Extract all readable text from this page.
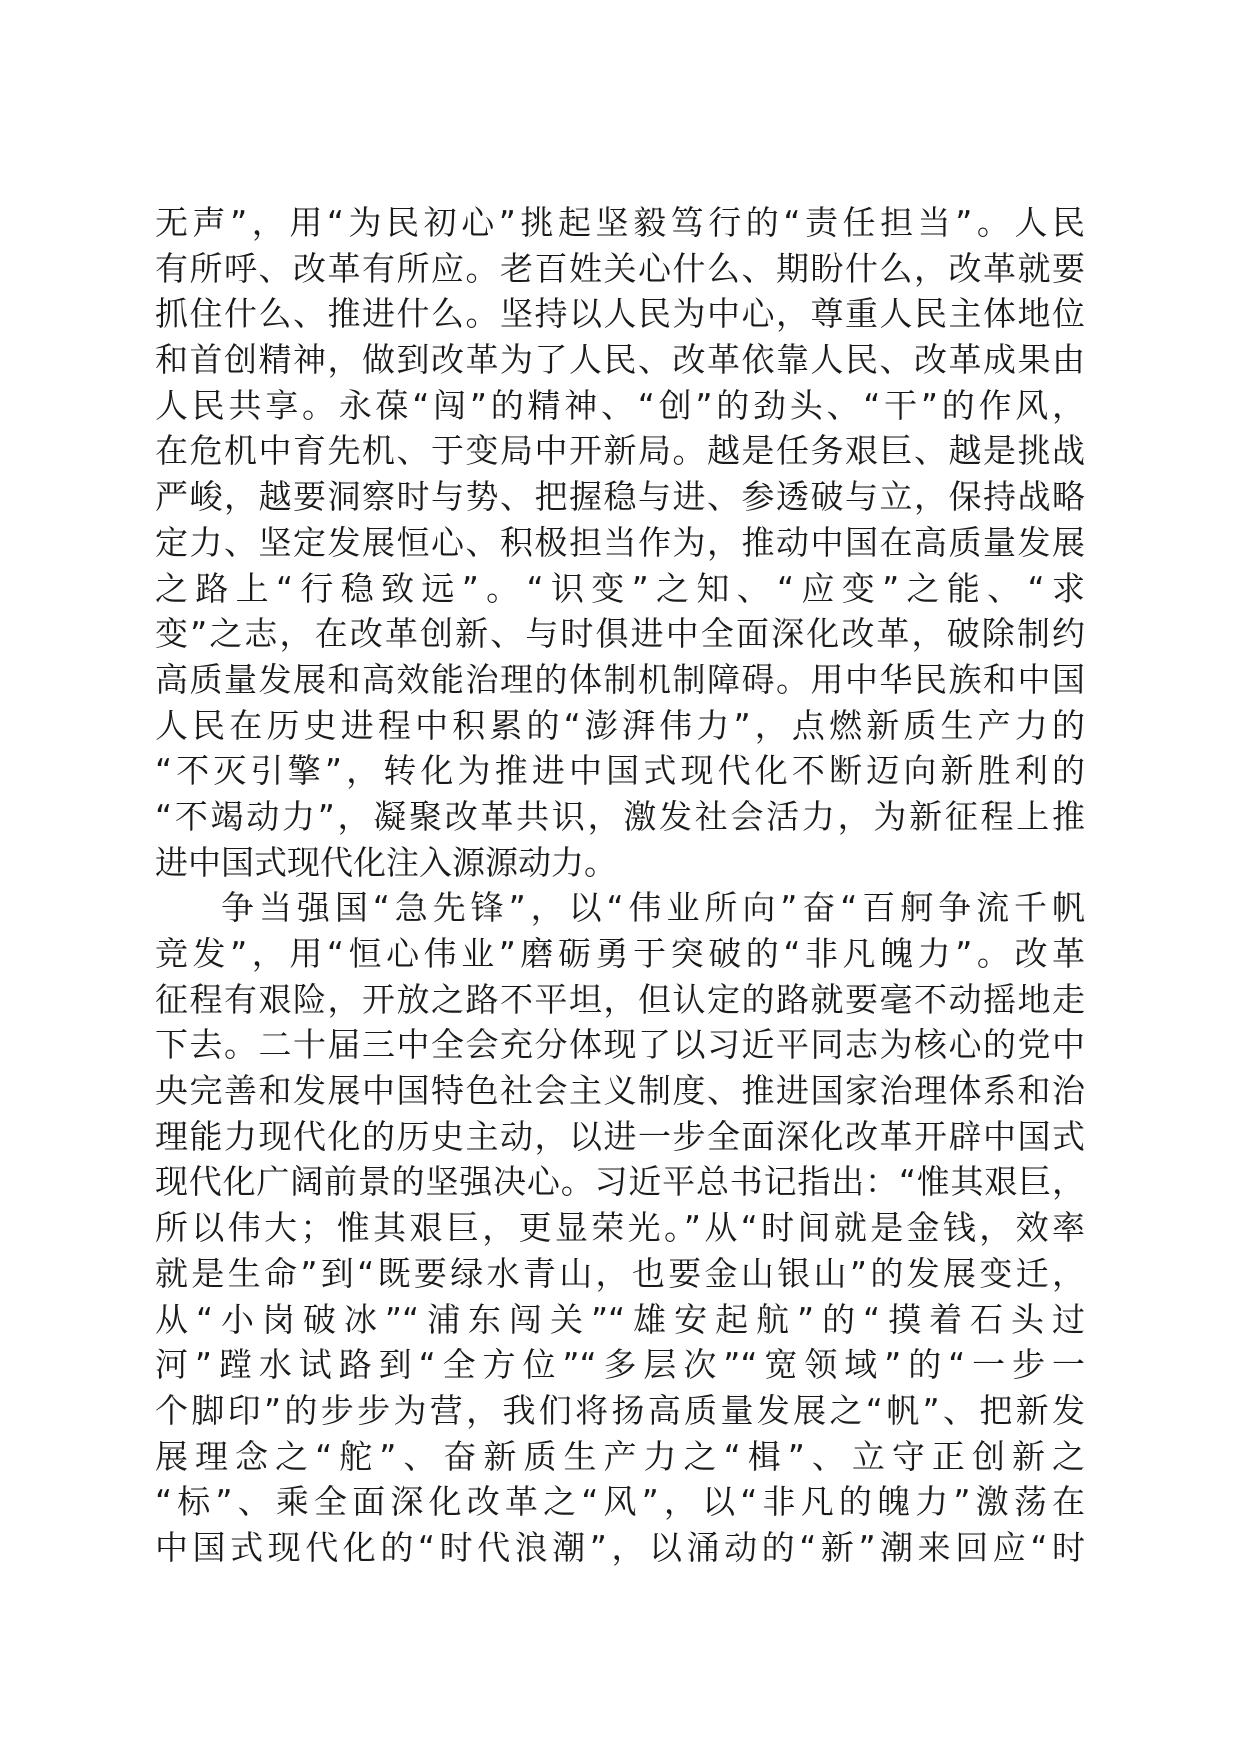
无声”，用“为民初心”挑起坚毅笃行的“责任担当”。人民
有所呼、改革有所应。老百姓关心什么、期盼什么，改革就要
抓住什么、推进什么。坚持以人民为中心，尊重人民主体地位
和首创精神，做到改革为了人民、改革依靠人民、改革成果由
人民共享。永葆“闯”的精神、“创”的劲头、“干”的作风，
在危机中育先机、于变局中开新局。越是任务艰巨、越是挑战
严峻，越要洞察时与势、把握稳与进、参透破与立，保持战略
定力、坚定发展恒心、积极担当作为，推动中国在高质量发展
之路上“行稳致远”。“识变”之知、“应变”之能、“求
变”之志，在改革创新、与时俱进中全面深化改革，破除制约
高质量发展和高效能治理的体制机制障碍。用中华民族和中国
人民在历史进程中积累的“澎湃伟力”，点燃新质生产力的
“不灭引擎”，转化为推进中国式现代化不断迈向新胜利的
“不竭动力”，凝聚改革共识，激发社会活力，为新征程上推
进中国式现代化注入源源动力。
争当强国“急先锋”，以“伟业所向”奋“百舸争流千帆
竞发”，用“恒心伟业”磨砺勇于突破的“非凡魄力”。改革
征程有艰险，开放之路不平坦，但认定的路就要毫不动摇地走
下去。二十届三中全会充分体现了以习近平同志为核心的党中
央完善和发展中国特色社会主义制度、推进国家治理体系和治
理能力现代化的历史主动，以进一步全面深化改革开辟中国式
现代化广阔前景的坚强决心。习近平总书记指出：“惟其艰巨，
所以伟大；惟其艰巨，更显荣光。”从“时间就是金钱，效率
就是生命”到“既要绿水青山，也要金山银山”的发展变迁，
从“小岗破冰”“浦东闯关”“雄安起航”的“摸着石头过
河”蹚水试路到“全方位”“多层次”“宽领域”的“一步一
个脚印”的步步为营，我们将扬高质量发展之“帆”、把新发
展理念之“舵”、奋新质生产力之“楫”、立守正创新之
“标”、乘全面深化改革之“风”，以“非凡的魄力”激荡在
中国式现代化的“时代浪潮”，以涌动的“新”潮来回应“时
